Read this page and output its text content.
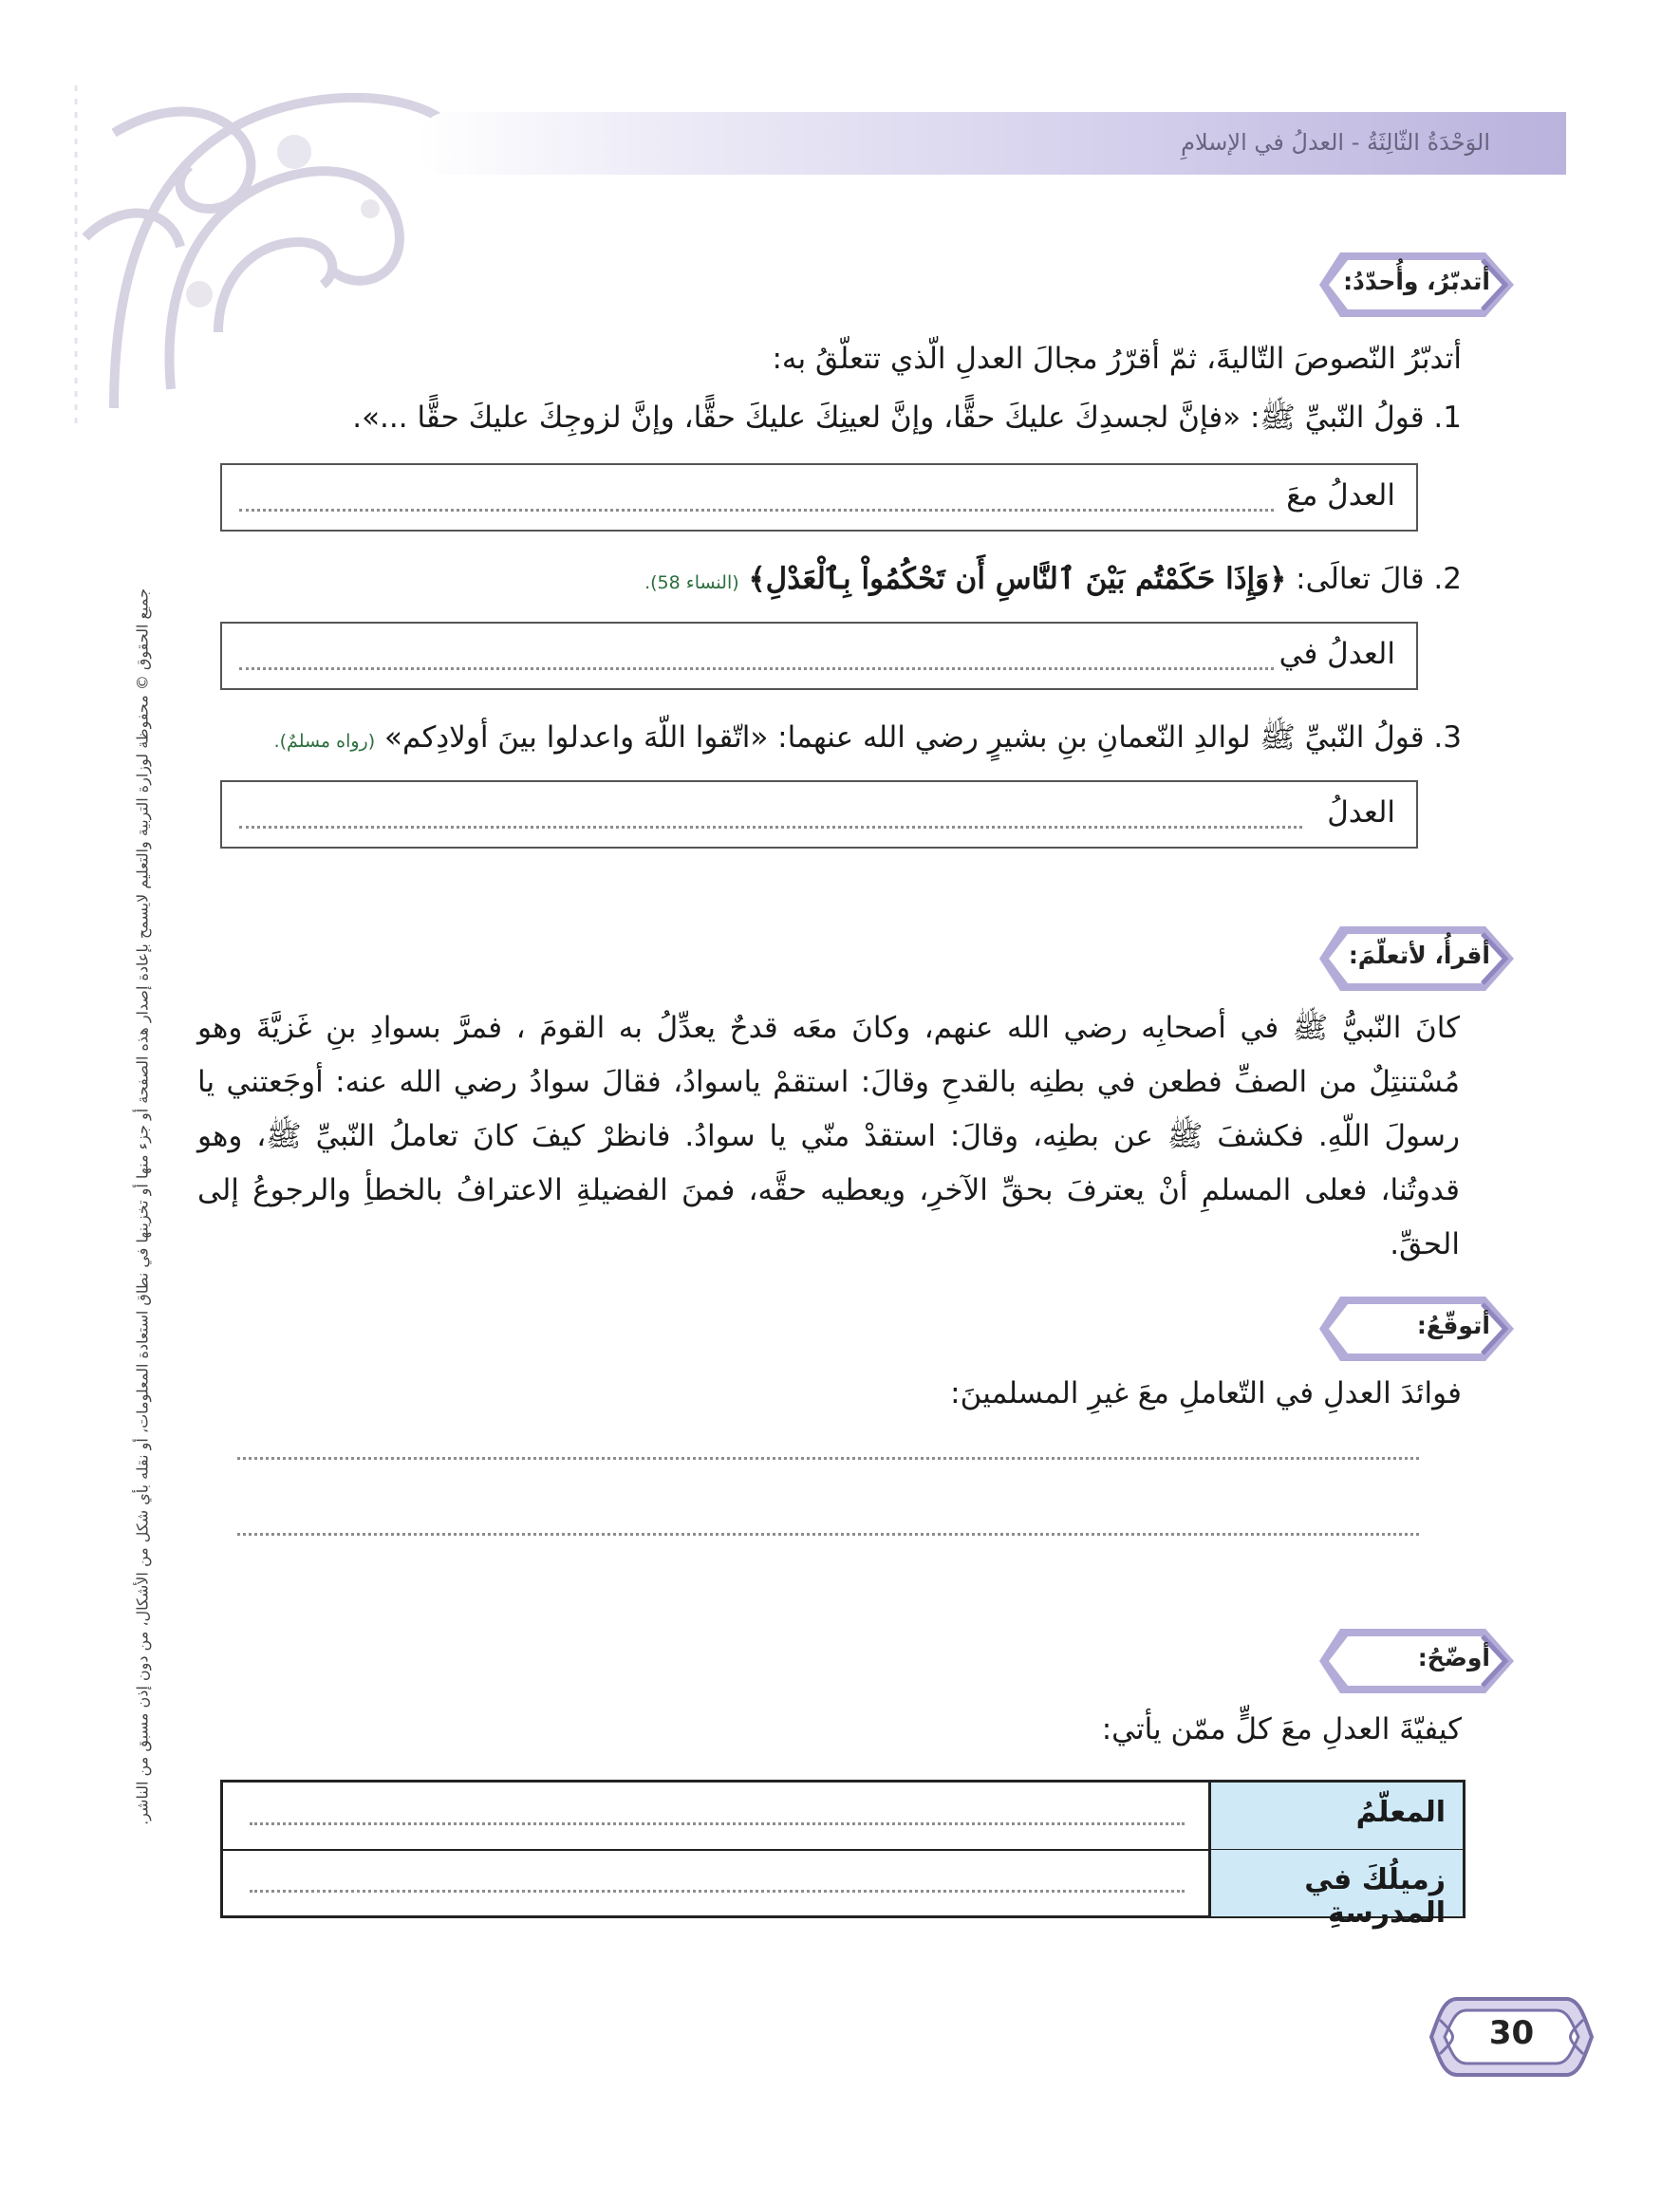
الوَحْدَةُ الثّالِثَةُ - العدلُ في الإسلامِ
جميع الحقوق © محفوظة لوزارة التربية والتعليم لايسمح بإعادة إصدار هذه الصفحة أو جزء منها أو تخزينها في نطاق استعادة المعلومات، أو نقله بأي شكل من الأشكال، من دون إذن مسبق من الناشر.
أتدبّرُ، وأُحدّدُ:
أتدبّرُ النّصوصَ التّاليةَ، ثمّ أقرّرُ مجالَ العدلِ الّذي تتعلّقُ به:
1. قولُ النّبيِّ ﷺ: «فإنَّ لجسدِكَ عليكَ حقًّا، وإنَّ لعينِكَ عليكَ حقًّا، وإنَّ لزوجِكَ عليكَ حقًّا ...».
العدلُ معَ
2. قالَ تعالَى: ﴿وَإِذَا حَكَمْتُم بَيْنَ ٱلنَّاسِ أَن تَحْكُمُواْ بِٱلْعَدْلِ﴾ (النساء 58).
العدلُ في
3. قولُ النّبيِّ ﷺ لوالدِ النّعمانِ بنِ بشيرٍ رضي الله عنهما: «اتّقوا اللّهَ واعدلوا بينَ أولادِكم» (رواه مسلمٌ).
العدلُ
أقرأُ، لأتعلّمَ:
كانَ النّبيُّ ﷺ في أصحابِه رضي الله عنهم، وكانَ معَه قدحٌ يعدِّلُ به القومَ ، فمرَّ بسوادِ بنِ غَزيَّةَ وهو مُسْتنتِلٌ من الصفِّ فطعن في بطنِه بالقدحِ وقالَ: استقمْ ياسوادُ، فقالَ سوادُ رضي الله عنه: أوجَعتني يا رسولَ اللّهِ. فكشفَ ﷺ عن بطنِه، وقالَ: استقدْ منّي يا سوادُ. فانظرْ كيفَ كانَ تعاملُ النّبيِّ ﷺ، وهو قدوتُنا، فعلى المسلمِ أنْ يعترفَ بحقِّ الآخرِ، ويعطيه حقَّه، فمنَ الفضيلةِ الاعترافُ بالخطأِ والرجوعُ إلى الحقِّ.
أتوقّعُ:
فوائدَ العدلِ في التّعاملِ معَ غيرِ المسلمينَ:
أوضّحُ:
كيفيّةَ العدلِ معَ كلٍّ ممّن يأتي:
المعلّمُ
زميلُكَ في المدرسةِ
30
